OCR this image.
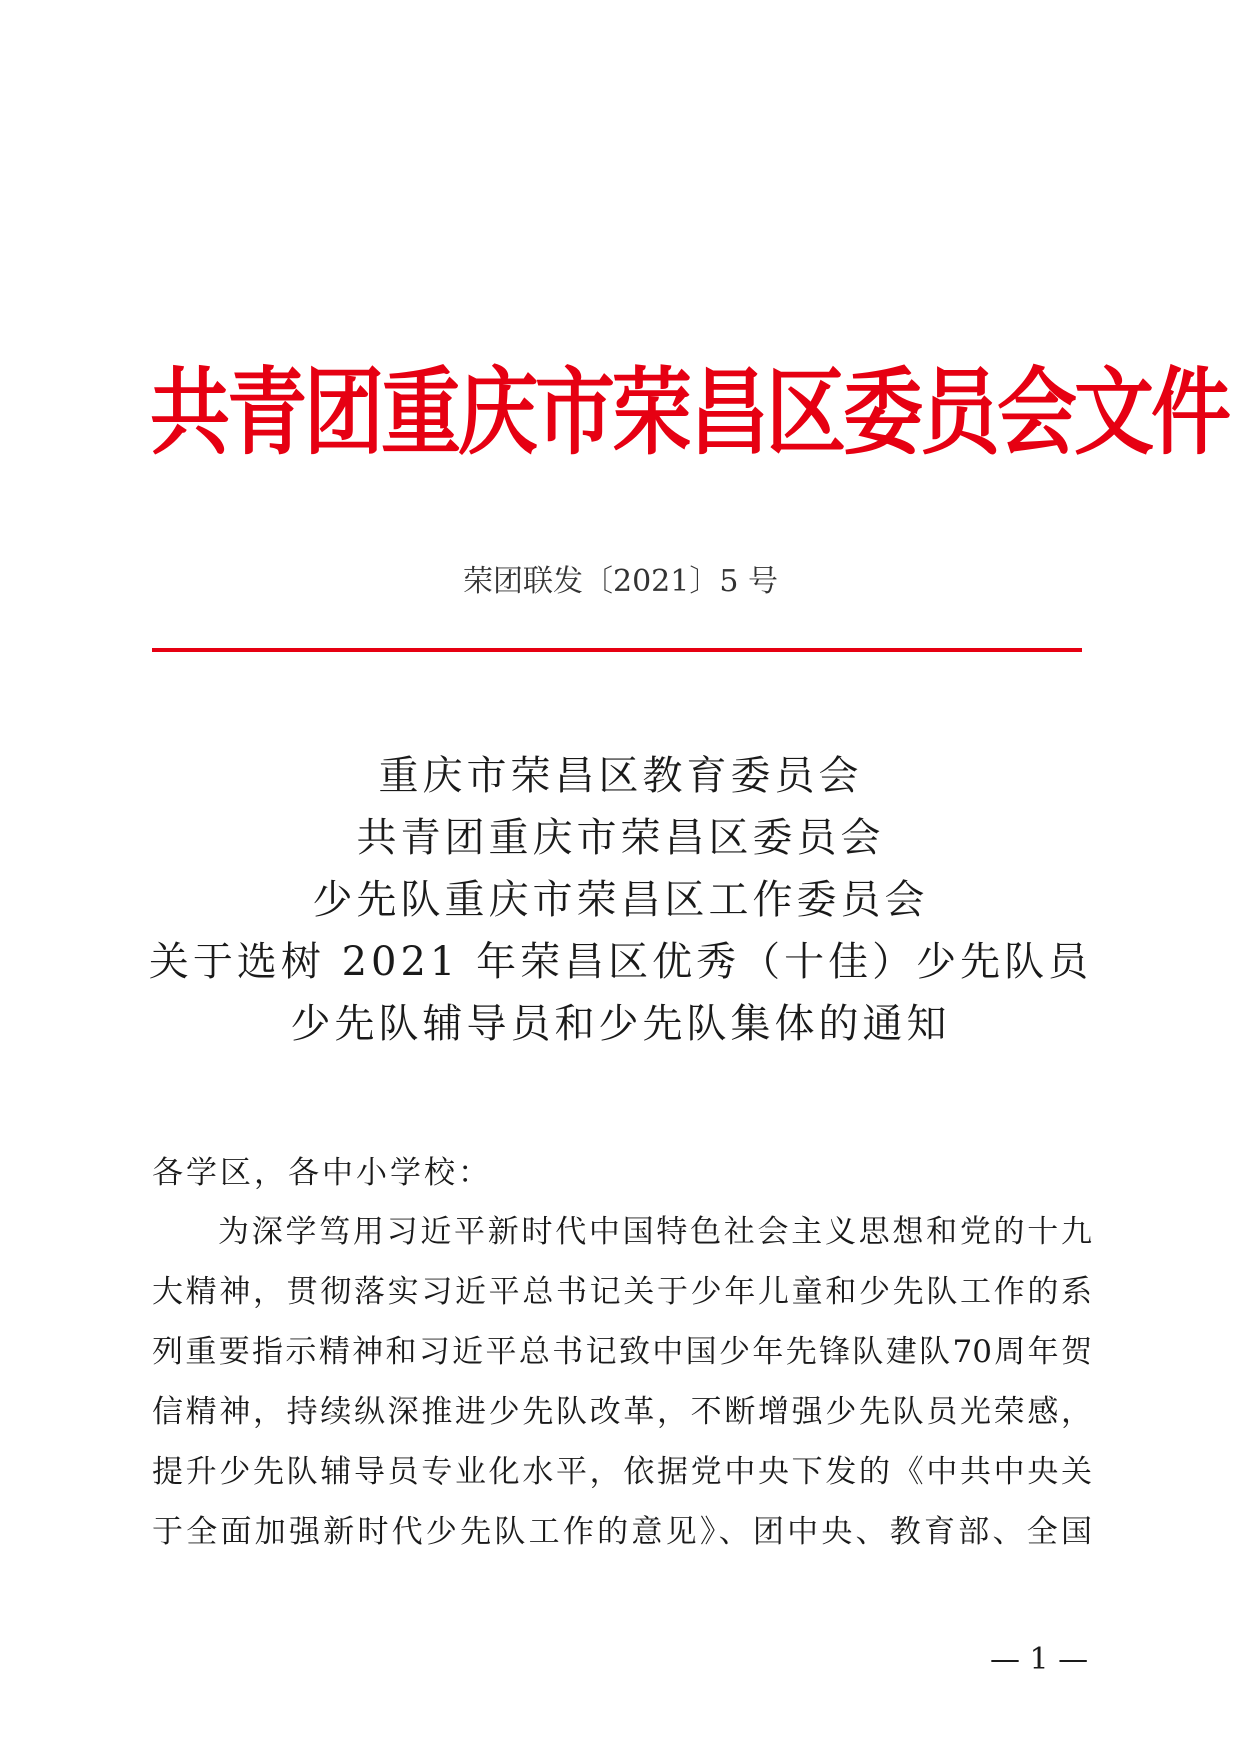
共青团重庆市荣昌区委员会文件
荣团联发〔2021〕5 号
重庆市荣昌区教育委员会
共青团重庆市荣昌区委员会
少先队重庆市荣昌区工作委员会
关于选树 2021 年荣昌区优秀（十佳）少先队员
少先队辅导员和少先队集体的通知
各学区，各中小学校：
为深学笃用习近平新时代中国特色社会主义思想和党的十九
大精神，贯彻落实习近平总书记关于少年儿童和少先队工作的系
列重要指示精神和习近平总书记致中国少年先锋队建队70周年贺
信精神，持续纵深推进少先队改革，不断增强少先队员光荣感，
提升少先队辅导员专业化水平，依据党中央下发的《中共中央关
于全面加强新时代少先队工作的意见》、团中央、教育部、全国
— 1 —
